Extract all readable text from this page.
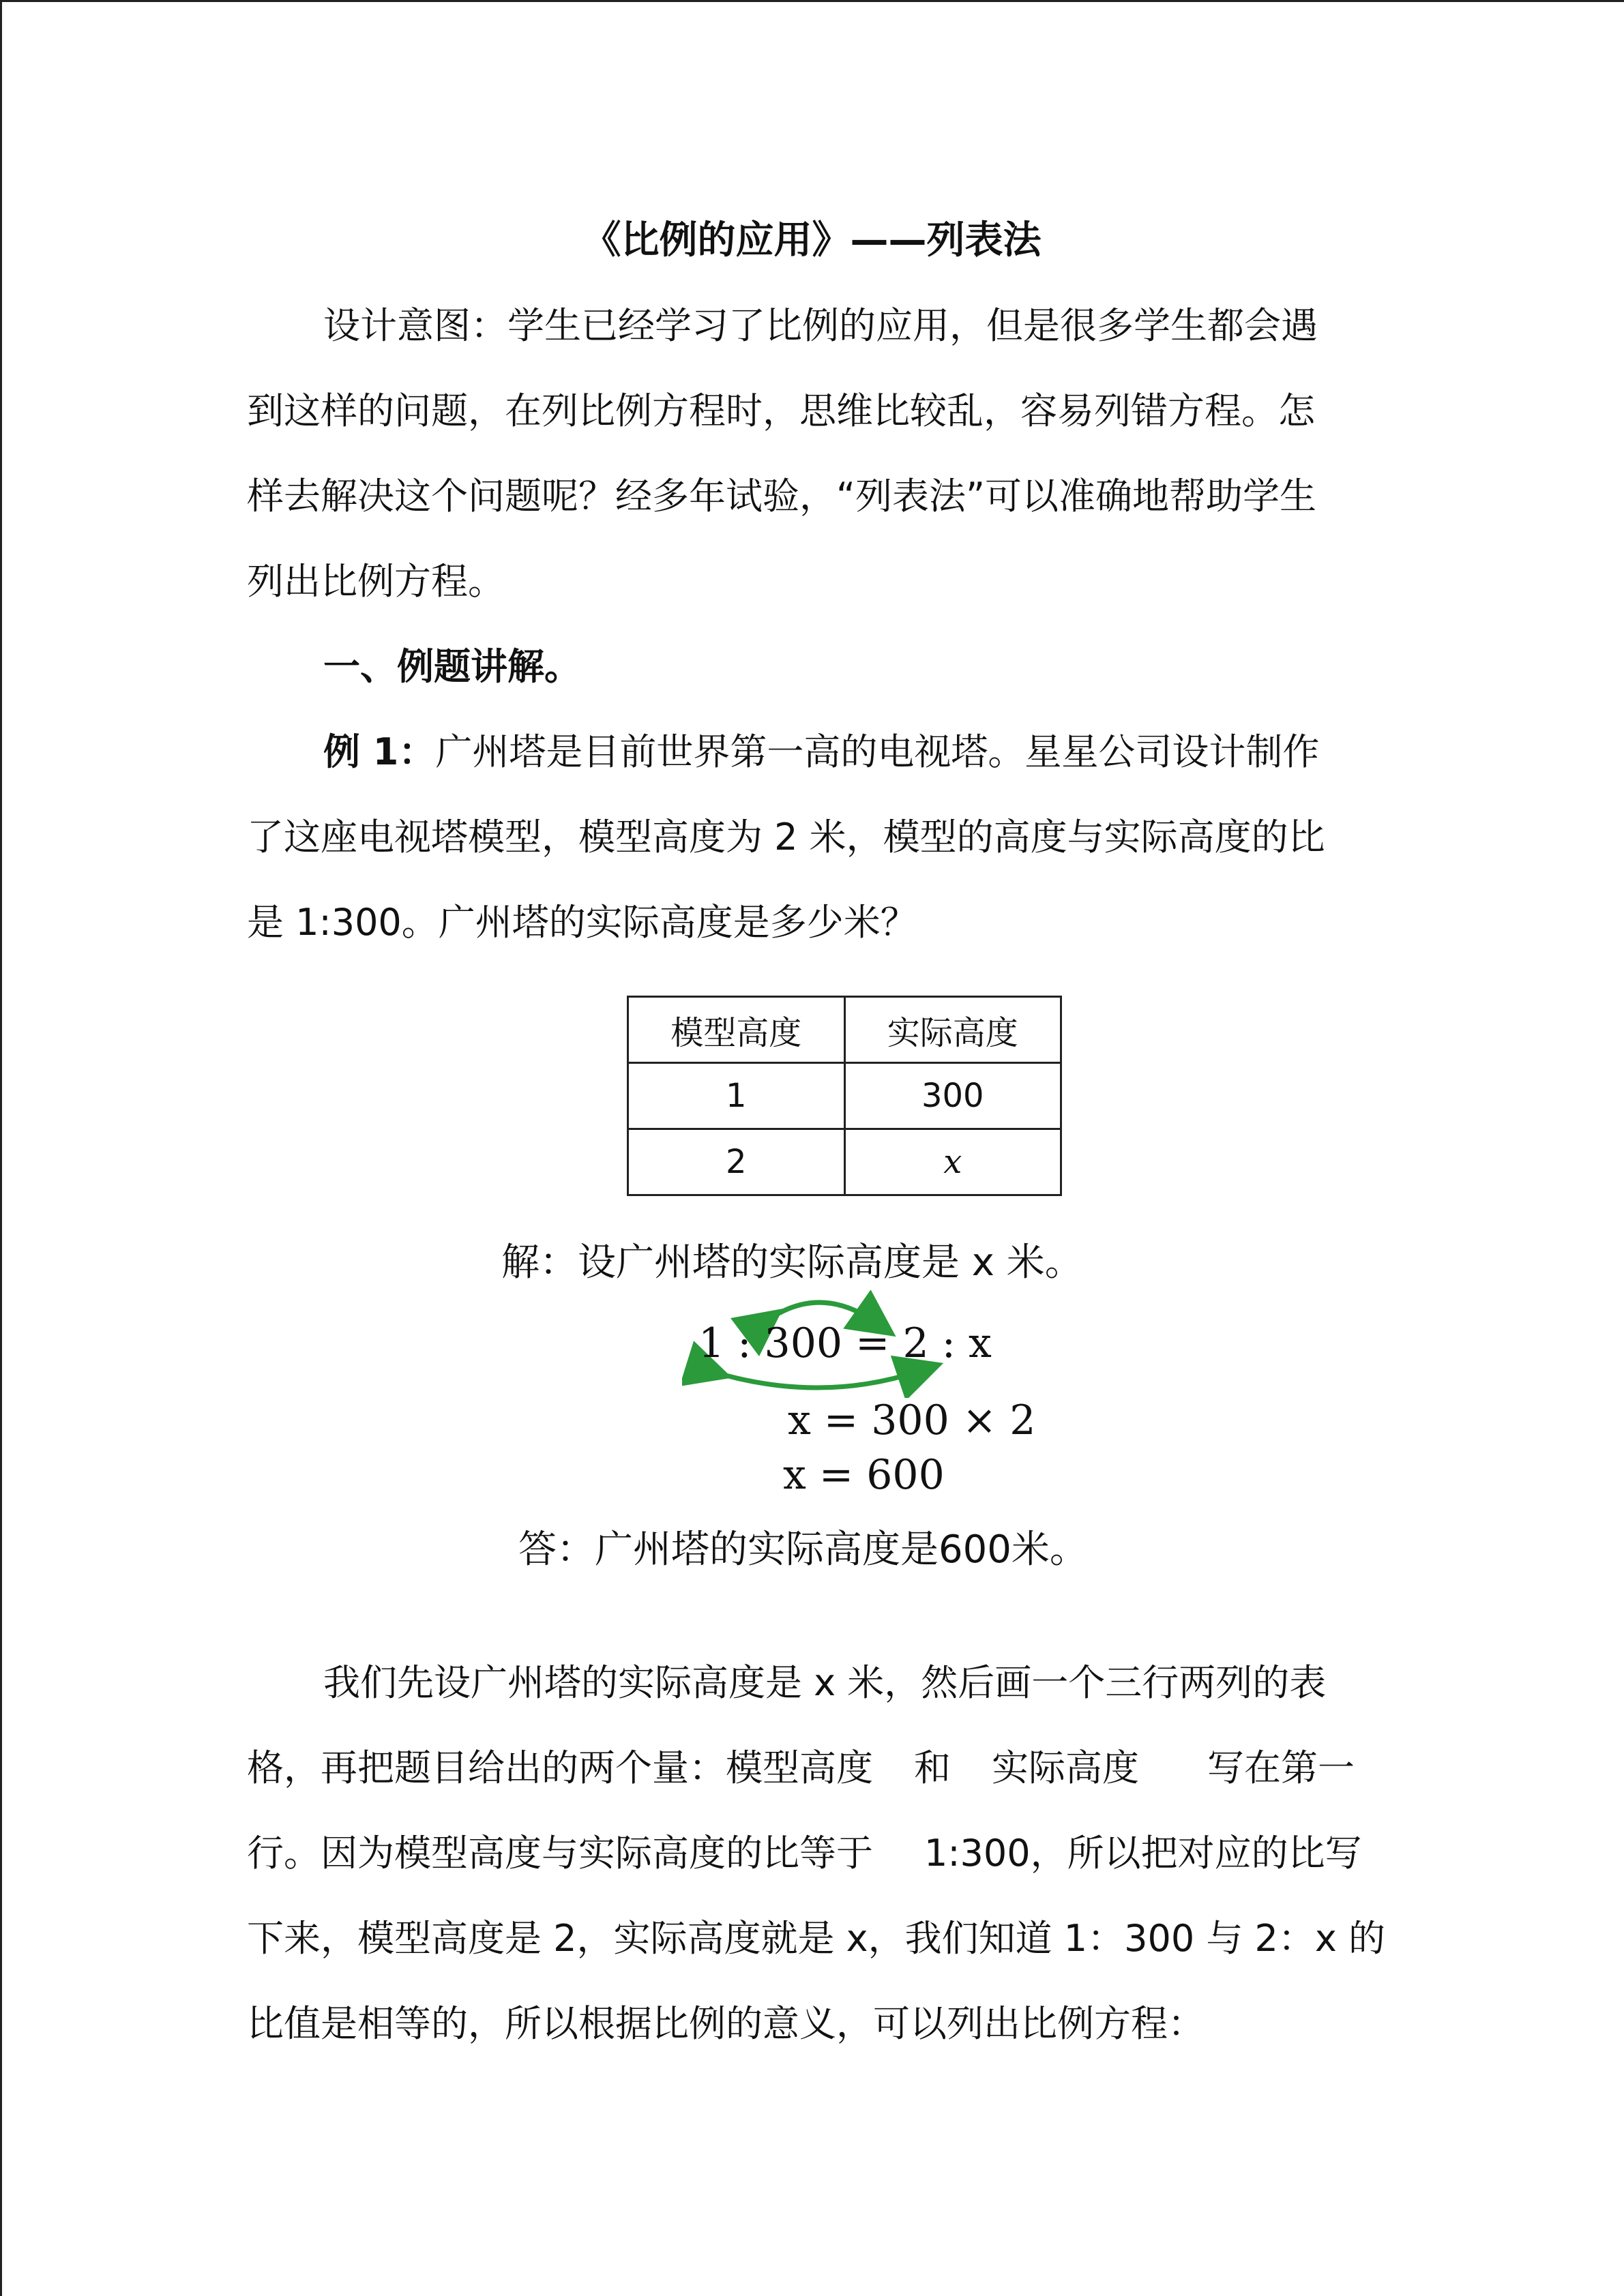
《比例的应用》——列表法
设计意图：学生已经学习了比例的应用，但是很多学生都会遇
到这样的问题，在列比例方程时，思维比较乱，容易列错方程。怎
样去解决这个问题呢？经多年试验，“列表法”可以准确地帮助学生
列出比例方程。
一、例题讲解。
例 1：广州塔是目前世界第一高的电视塔。星星公司设计制作
了这座电视塔模型，模型高度为 2 米，模型的高度与实际高度的比
是 1:300。广州塔的实际高度是多少米？
模型高度	实际高度
1	300
2	x
解：设广州塔的实际高度是 x 米。
1 : 300 = 2 : x
x = 300 × 2
x = 600
答：广州塔的实际高度是600米。
我们先设广州塔的实际高度是 x 米，然后画一个三行两列的表
格，再把题目给出的两个量：模型高度 和 实际高度 写在第一
行。因为模型高度与实际高度的比等于 1:300，所以把对应的比写
下来，模型高度是 2，实际高度就是 x，我们知道 1：300 与 2：x 的
比值是相等的，所以根据比例的意义，可以列出比例方程：
